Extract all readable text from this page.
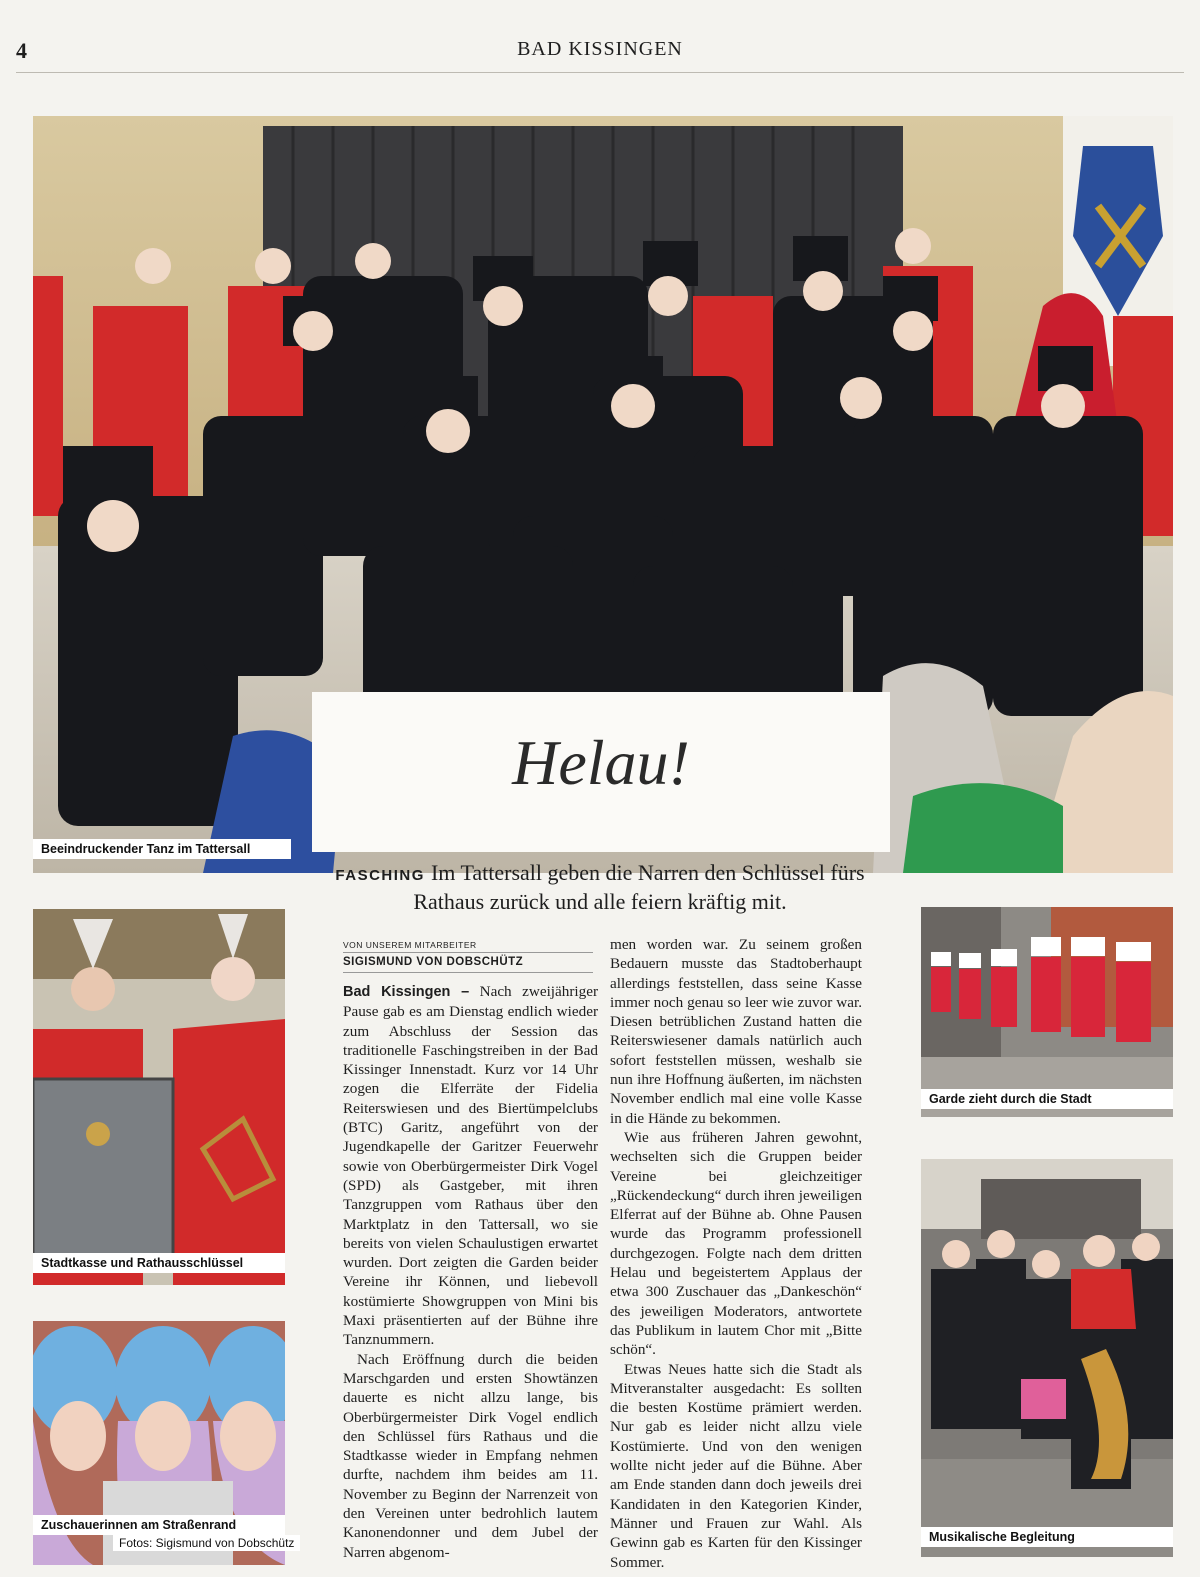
4	BAD KISSINGEN
Beeindruckender Tanz im Tattersall
Helau!
FASCHING Im Tattersall geben die Narren den Schlüssel fürs Rathaus zurück und alle feiern kräftig mit.
Stadtkasse und Rathausschlüssel
Zuschauerinnen am Straßenrand
Fotos: Sigismund von Dobschütz
Garde zieht durch die Stadt
Musikalische Begleitung
VON UNSEREM MITARBEITER
SIGISMUND VON DOBSCHÜTZ

Bad Kissingen – Nach zweijähriger Pause gab es am Dienstag endlich wieder zum Abschluss der Session das traditionelle Faschingstreiben in der Bad Kissinger Innenstadt. Kurz vor 14 Uhr zogen die Elferräte der Fidelia Reiterswiesen und des Biertümpelclubs (BTC) Garitz, angeführt von der Jugendkapelle der Garitzer Feuerwehr sowie von Oberbürgermeister Dirk Vogel (SPD) als Gastgeber, mit ihren Tanzgruppen vom Rathaus über den Marktplatz in den Tattersall, wo sie bereits von vielen Schaulustigen erwartet wurden. Dort zeigten die Garden beider Vereine ihr Können, und liebevoll kostümierte Showgruppen von Mini bis Maxi präsentierten auf der Bühne ihre Tanznummern.

Nach Eröffnung durch die beiden Marschgarden und ersten Showtänzen dauerte es nicht allzu lange, bis Oberbürgermeister Dirk Vogel endlich den Schlüssel fürs Rathaus und die Stadtkasse wieder in Empfang nehmen durfte, nachdem ihm beides am 11. November zu Beginn der Narrenzeit von den Vereinen unter bedrohlich lautem Kanonendonner und dem Jubel der Narren abgenom-

men worden war. Zu seinem großen Bedauern musste das Stadtoberhaupt allerdings feststellen, dass seine Kasse immer noch genau so leer wie zuvor war. Diesen betrüblichen Zustand hatten die Reiterswiesener damals natürlich auch sofort feststellen müssen, weshalb sie nun ihre Hoffnung äußerten, im nächsten November endlich mal eine volle Kasse in die Hände zu bekommen.

Wie aus früheren Jahren gewohnt, wechselten sich die Gruppen beider Vereine bei gleichzeitiger „Rückendeckung“ durch ihren jeweiligen Elferrat auf der Bühne ab. Ohne Pausen wurde das Programm professionell durchgezogen. Folgte nach dem dritten Helau und begeistertem Applaus der etwa 300 Zuschauer das „Dankeschön“ des jeweiligen Moderators, antwortete das Publikum in lautem Chor mit „Bitte schön“.

Etwas Neues hatte sich die Stadt als Mitveranstalter ausgedacht: Es sollten die besten Kostüme prämiert werden. Nur gab es leider nicht allzu viele Kostümierte. Und von den wenigen wollte nicht jeder auf die Bühne. Aber am Ende standen dann doch jeweils drei Kandidaten in den Kategorien Kinder, Männer und Frauen zur Wahl. Als Gewinn gab es Karten für den Kissinger Sommer.
